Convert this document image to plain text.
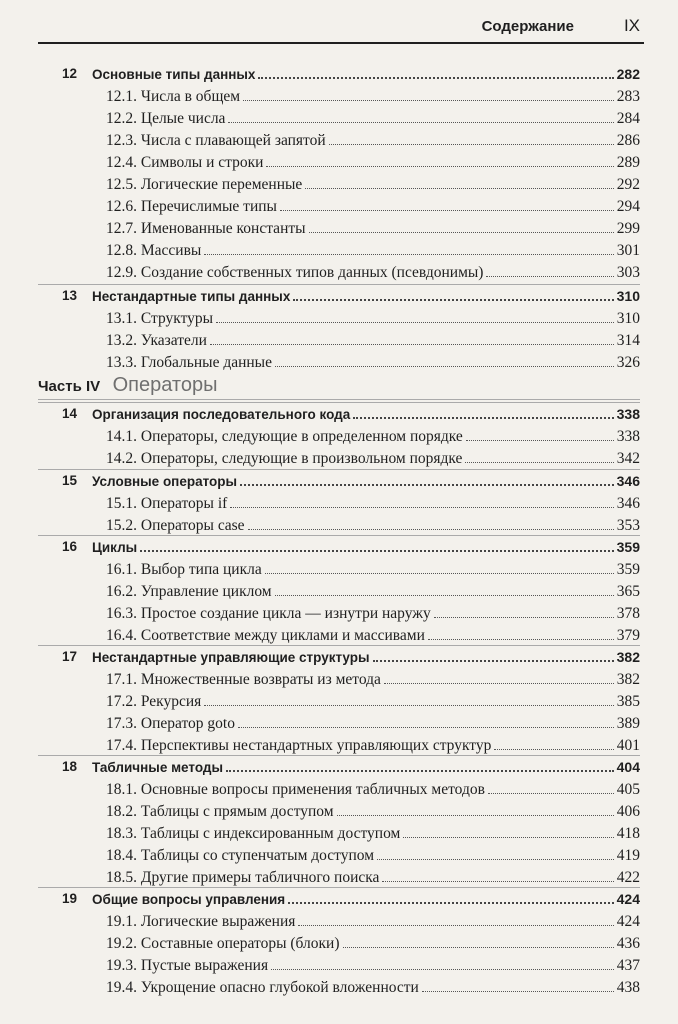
Содержание	IX
Часть IV Операторы
12	Основные типы данных	282
12.1. Числа в общем	283
12.2. Целые числа	284
12.3. Числа с плавающей запятой	286
12.4. Символы и строки	289
12.5. Логические переменные	292
12.6. Перечислимые типы	294
12.7. Именованные константы	299
12.8. Массивы	301
12.9. Создание собственных типов данных (псевдонимы)	303
13	Нестандартные типы данных	310
13.1. Структуры	310
13.2. Указатели	314
13.3. Глобальные данные	326
14	Организация последовательного кода	338
14.1. Операторы, следующие в определенном порядке	338
14.2. Операторы, следующие в произвольном порядке	342
15	Условные операторы	346
15.1. Операторы if	346
15.2. Операторы case	353
16	Циклы	359
16.1. Выбор типа цикла	359
16.2. Управление циклом	365
16.3. Простое создание цикла — изнутри наружу	378
16.4. Соответствие между циклами и массивами	379
17	Нестандартные управляющие структуры	382
17.1. Множественные возвраты из метода	382
17.2. Рекурсия	385
17.3. Оператор goto	389
17.4. Перспективы нестандартных управляющих структур	401
18	Табличные методы	404
18.1. Основные вопросы применения табличных методов	405
18.2. Таблицы с прямым доступом	406
18.3. Таблицы с индексированным доступом	418
18.4. Таблицы со ступенчатым доступом	419
18.5. Другие примеры табличного поиска	422
19	Общие вопросы управления	424
19.1. Логические выражения	424
19.2. Составные операторы (блоки)	436
19.3. Пустые выражения	437
19.4. Укрощение опасно глубокой вложенности	438
